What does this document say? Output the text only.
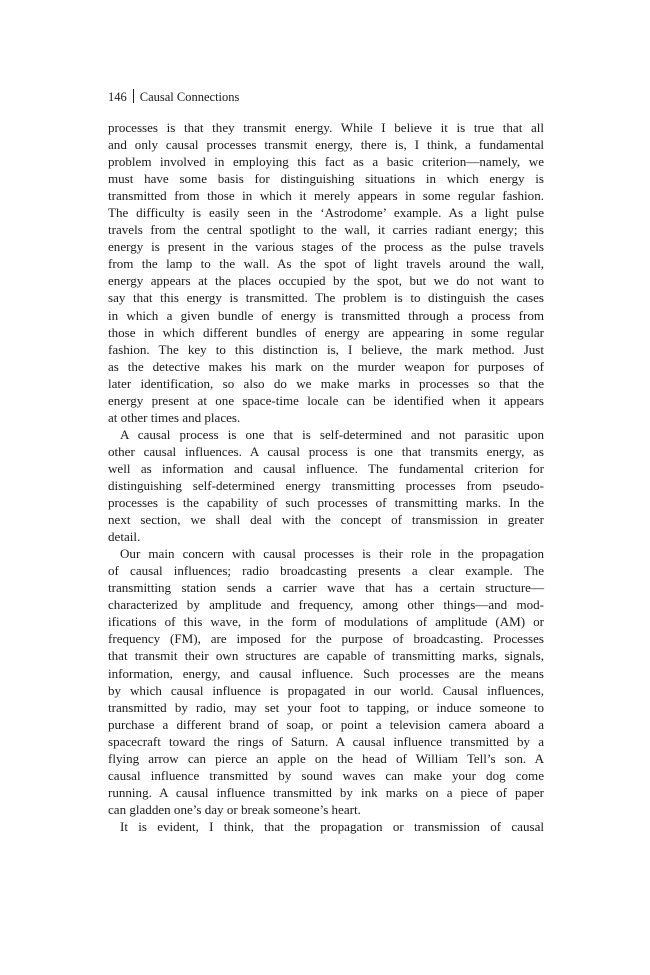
146 Causal Connections
processes is that they transmit energy. While I believe it is true that all
and only causal processes transmit energy, there is, I think, a fundamental
problem involved in employing this fact as a basic criterion—namely, we
must have some basis for distinguishing situations in which energy is
transmitted from those in which it merely appears in some regular fashion.
The difficulty is easily seen in the ‘Astrodome’ example. As a light pulse
travels from the central spotlight to the wall, it carries radiant energy; this
energy is present in the various stages of the process as the pulse travels
from the lamp to the wall. As the spot of light travels around the wall,
energy appears at the places occupied by the spot, but we do not want to
say that this energy is transmitted. The problem is to distinguish the cases
in which a given bundle of energy is transmitted through a process from
those in which different bundles of energy are appearing in some regular
fashion. The key to this distinction is, I believe, the mark method. Just
as the detective makes his mark on the murder weapon for purposes of
later identification, so also do we make marks in processes so that the
energy present at one space-time locale can be identified when it appears
at other times and places.
A causal process is one that is self-determined and not parasitic upon
other causal influences. A causal process is one that transmits energy, as
well as information and causal influence. The fundamental criterion for
distinguishing self-determined energy transmitting processes from pseudo-
processes is the capability of such processes of transmitting marks. In the
next section, we shall deal with the concept of transmission in greater
detail.
Our main concern with causal processes is their role in the propagation
of causal influences; radio broadcasting presents a clear example. The
transmitting station sends a carrier wave that has a certain structure—
characterized by amplitude and frequency, among other things—and mod-
ifications of this wave, in the form of modulations of amplitude (AM) or
frequency (FM), are imposed for the purpose of broadcasting. Processes
that transmit their own structures are capable of transmitting marks, signals,
information, energy, and causal influence. Such processes are the means
by which causal influence is propagated in our world. Causal influences,
transmitted by radio, may set your foot to tapping, or induce someone to
purchase a different brand of soap, or point a television camera aboard a
spacecraft toward the rings of Saturn. A causal influence transmitted by a
flying arrow can pierce an apple on the head of William Tell’s son. A
causal influence transmitted by sound waves can make your dog come
running. A causal influence transmitted by ink marks on a piece of paper
can gladden one’s day or break someone’s heart.
It is evident, I think, that the propagation or transmission of causal
